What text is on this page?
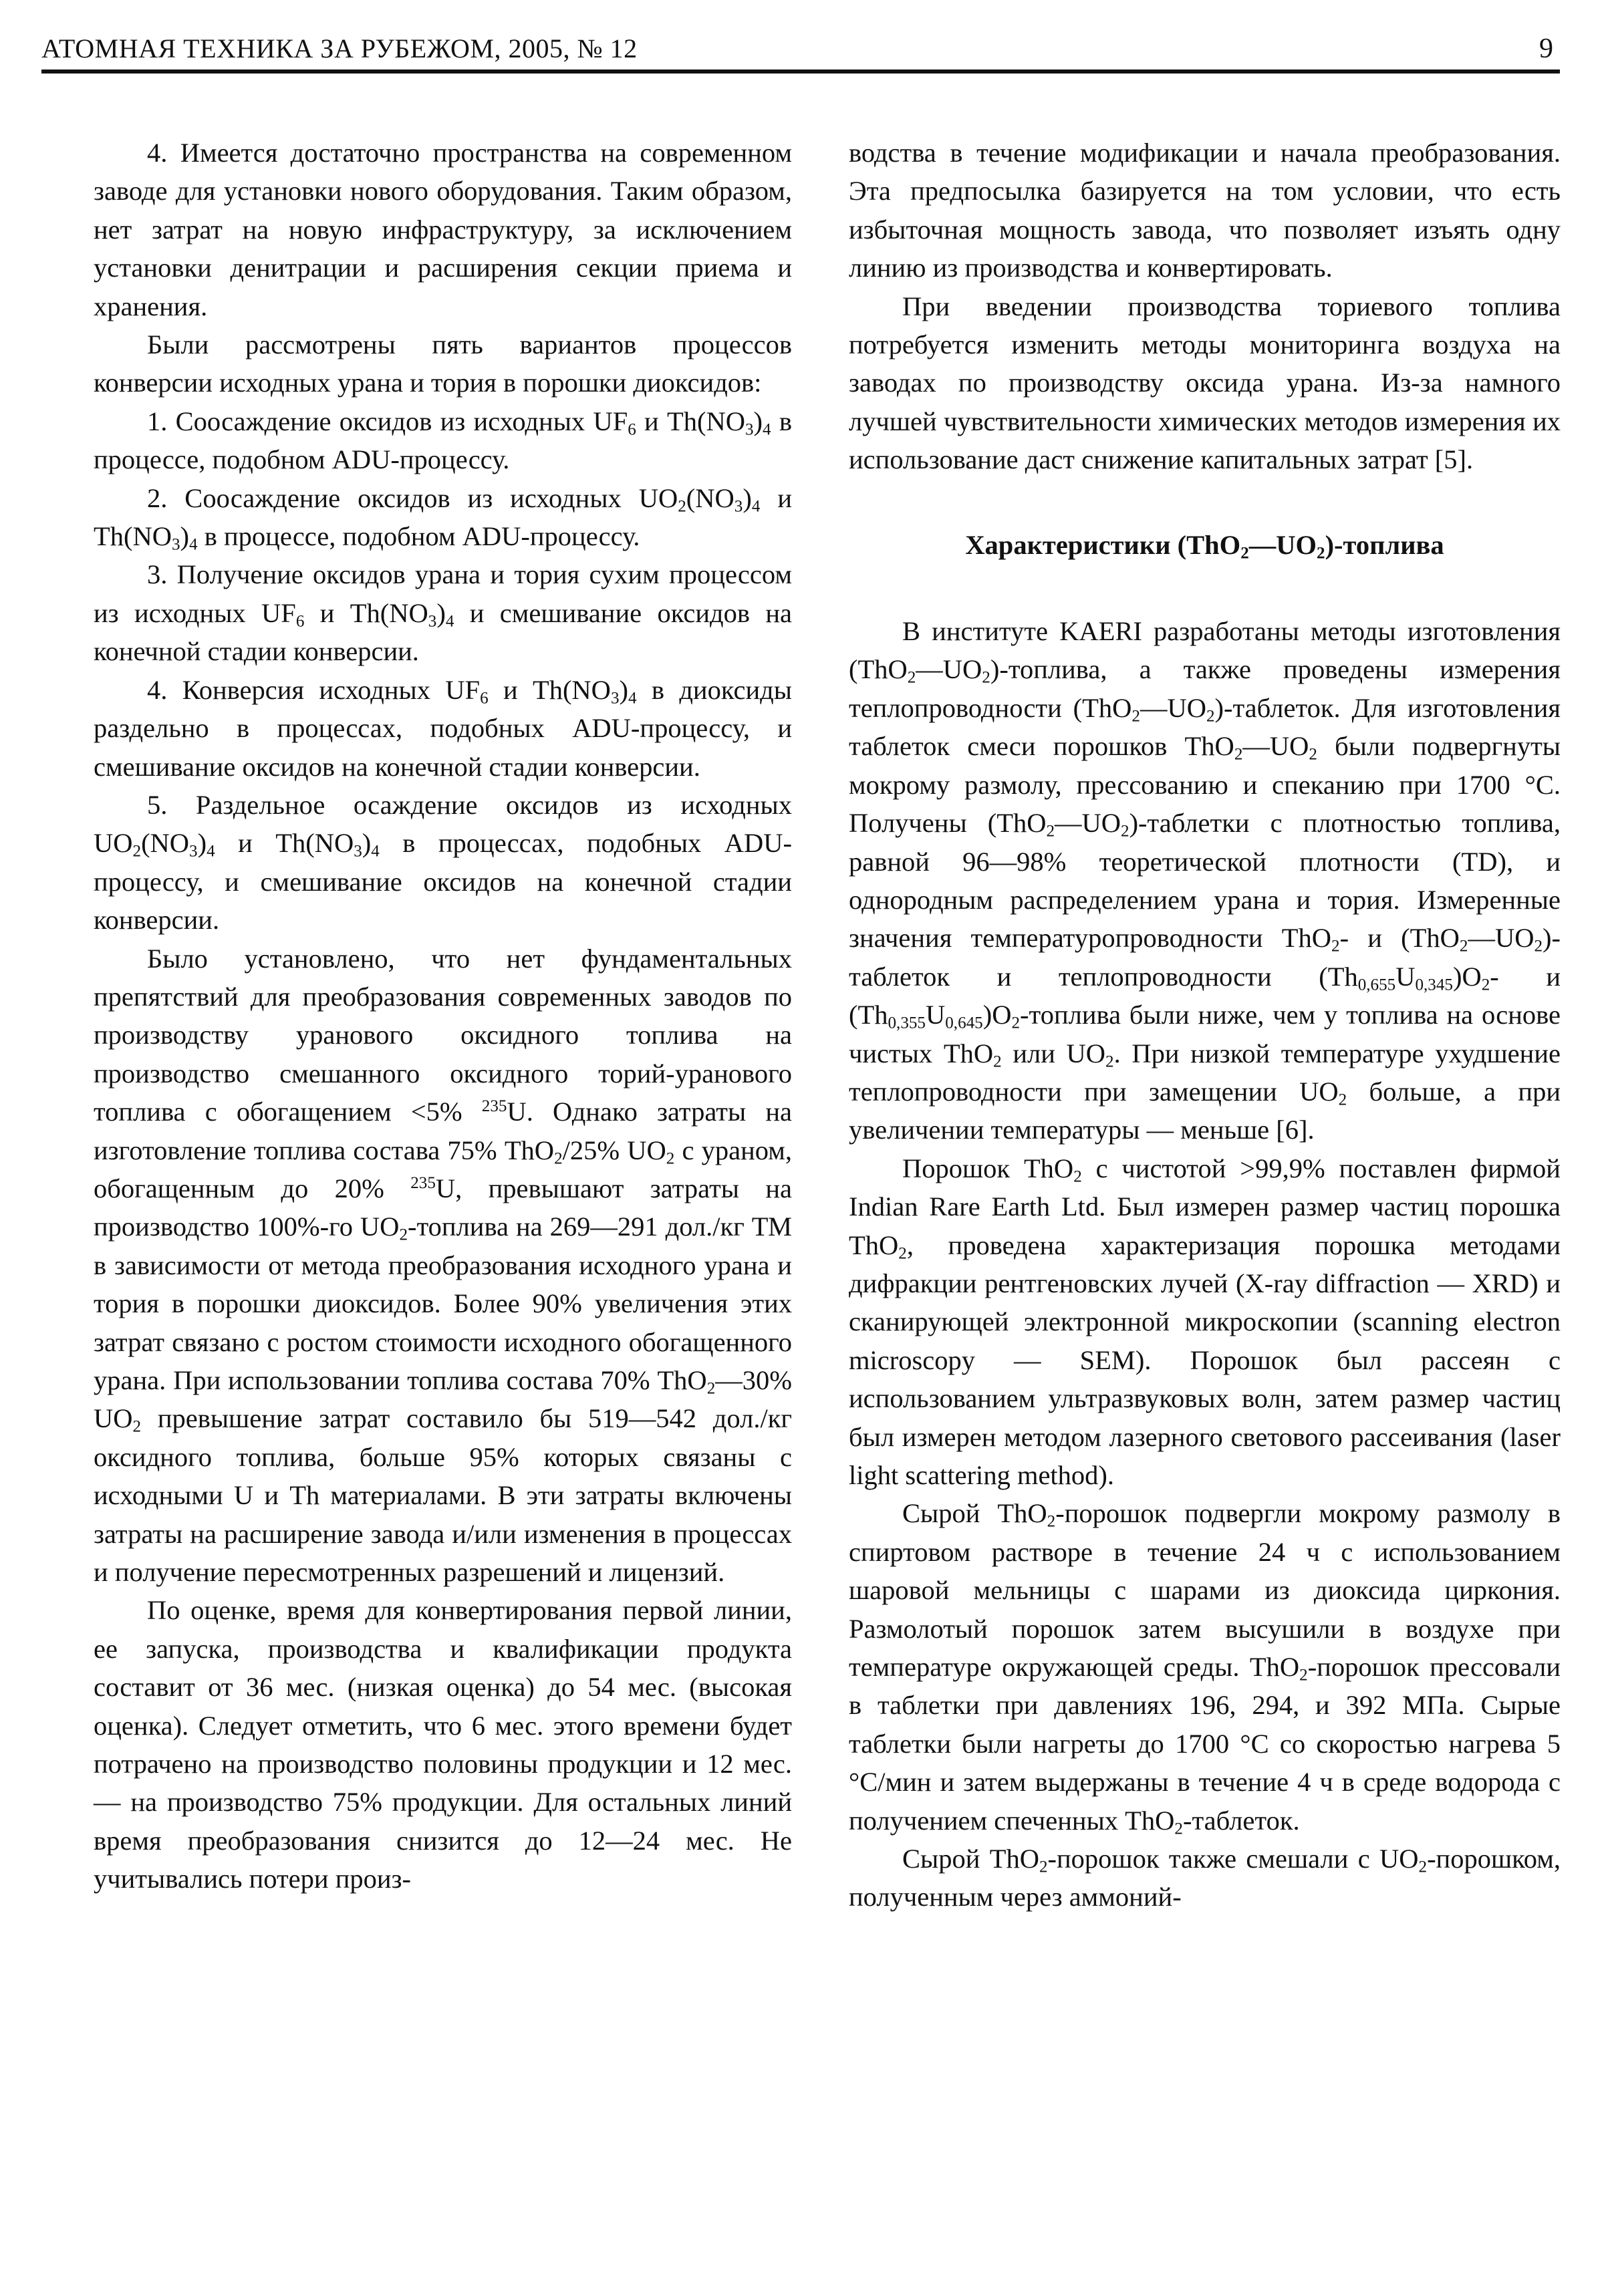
АТОМНАЯ ТЕХНИКА ЗА РУБЕЖОМ, 2005, № 12	9

4. Имеется достаточно пространства на современном заводе для установки нового оборудования. Таким образом, нет затрат на новую инфраструктуру, за исключением установки денитрации и расширения секции приема и хранения.

Были рассмотрены пять вариантов процессов конверсии исходных урана и тория в порошки диоксидов:

1. Соосаждение оксидов из исходных $UF_6$ и $Th(NO_3)_4$ в процессе, подобном ADU-процессу.

2. Соосаждение оксидов из исходных $UO_2(NO_3)_4$ и $Th(NO_3)_4$ в процессе, подобном ADU-процессу.

3. Получение оксидов урана и тория сухим процессом из исходных $UF_6$ и $Th(NO_3)_4$ и смешивание оксидов на конечной стадии конверсии.

4. Конверсия исходных $UF_6$ и $Th(NO_3)_4$ в диоксиды раздельно в процессах, подобных ADU-процессу, и смешивание оксидов на конечной стадии конверсии.

5. Раздельное осаждение оксидов из исходных $UO_2(NO_3)_4$ и $Th(NO_3)_4$ в процессах, подобных ADU-процессу, и смешивание оксидов на конечной стадии конверсии.

Было установлено, что нет фундаментальных препятствий для преобразования современных заводов по производству уранового оксидного топлива на производство смешанного оксидного торий-уранового топлива с обогащением <5% $^{235}$U. Однако затраты на изготовление топлива состава 75% ThO$_2$/25% $UO_2$ с ураном, обогащенным до 20% $^{235}$U, превышают затраты на производство 100%-го $UO_2$-топлива на 269—291 дол./кг ТМ в зависимости от метода преобразования исходного урана и тория в порошки диоксидов. Более 90% увеличения этих затрат связано с ростом стоимости исходного обогащенного урана. При использовании топлива состава 70% ThO$_2$—30% $UO_2$ превышение затрат составило бы 519—542 дол./кг оксидного топлива, больше 95% которых связаны с исходными U и Th материалами. В эти затраты включены затраты на расширение завода и/или изменения в процессах и получение пересмотренных разрешений и лицензий.

По оценке, время для конвертирования первой линии, ее запуска, производства и квалификации продукта составит от 36 мес. (низкая оценка) до 54 мес. (высокая оценка). Следует отметить, что 6 мес. этого времени будет потрачено на производство половины продукции и 12 мес. — на производство 75% продукции. Для остальных линий время преобразования снизится до 12—24 мес. Не учитывались потери произ-

водства в течение модификации и начала преобразования. Эта предпосылка базируется на том условии, что есть избыточная мощность завода, что позволяет изъять одну линию из производства и конвертировать.

При введении производства ториевого топлива потребуется изменить методы мониторинга воздуха на заводах по производству оксида урана. Из-за намного лучшей чувствительности химических методов измерения их использование даст снижение капитальных затрат [5].

Характеристики $(ThO_2—UO_2)$-топлива

В институте KAERI разработаны методы изготовления $(ThO_2—UO_2)$-топлива, а также проведены измерения теплопроводности $(ThO_2—UO_2)$-таблеток. Для изготовления таблеток смеси порошков $ThO_2—UO_2$ были подвергнуты мокрому размолу, прессованию и спеканию при 1700 °С. Получены $(ThO_2—UO_2)$-таблетки с плотностью топлива, равной 96—98% теоретической плотности (TD), и однородным распределением урана и тория. Измеренные значения температуропроводности ThO$_2$- и $(ThO_2—UO_2)$-таблеток и теплопроводности $(Th_{0,655}U_{0,345})O_2-$ и $(Th_{0,355}U_{0,645})O_2$-топлива были ниже, чем у топлива на основе чистых ThO$_2$ или $UO_2$. При низкой температуре ухудшение теплопроводности при замещении $UO_2$ больше, а при увеличении температуры — меньше [6].

Порошок ThO$_2$ с чистотой >99,9% поставлен фирмой Indian Rare Earth Ltd. Был измерен размер частиц порошка ThO$_2$, проведена характеризация порошка методами дифракции рентгеновских лучей (X-ray diffraction — XRD) и сканирующей электронной микроскопии (scanning electron microscopy — SEM). Порошок был рассеян с использованием ультразвуковых волн, затем размер частиц был измерен методом лазерного светового рассеивания (laser light scattering method).

Сырой ThO$_2$-порошок подвергли мокрому размолу в спиртовом растворе в течение 24 ч с использованием шаровой мельницы с шарами из диоксида циркония. Размолотый порошок затем высушили в воздухе при температуре окружающей среды. ThO$_2$-порошок прессовали в таблетки при давлениях 196, 294, и 392 МПа. Сырые таблетки были нагреты до 1700 °С со скоростью нагрева 5 °С/мин и затем выдержаны в течение 4 ч в среде водорода с получением спеченных ThO$_2$-таблеток.

Сырой ThO$_2$-порошок также смешали с $UO_2$-порошком, полученным через аммоний-
